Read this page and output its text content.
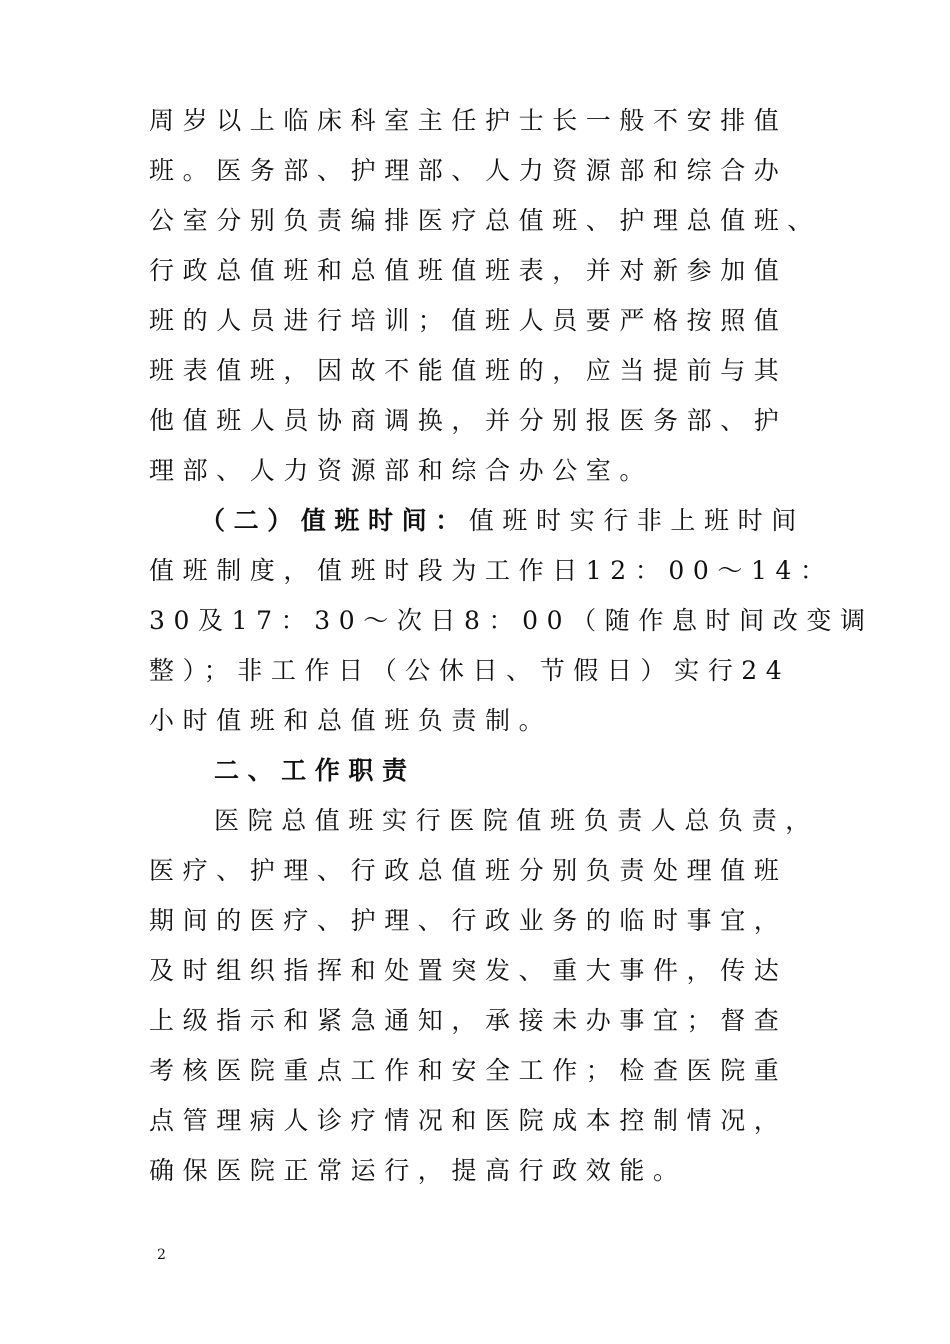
周岁以上临床科室主任护士长一般不安排值
班。医务部、护理部、人力资源部和综合办
公室分别负责编排医疗总值班、护理总值班、
行政总值班和总值班值班表，并对新参加值
班的人员进行培训；值班人员要严格按照值
班表值班，因故不能值班的，应当提前与其
他值班人员协商调换，并分别报医务部、护
理部、人力资源部和综合办公室。
（二）值班时间：值班时实行非上班时间
值班制度，值班时段为工作日12：00～14：
30及17：30～次日8：00（随作息时间改变调
整）；非工作日（公休日、节假日）实行24
小时值班和总值班负责制。
二、工作职责
医院总值班实行医院值班负责人总负责，
医疗、护理、行政总值班分别负责处理值班
期间的医疗、护理、行政业务的临时事宜，
及时组织指挥和处置突发、重大事件，传达
上级指示和紧急通知，承接未办事宜；督查
考核医院重点工作和安全工作；检查医院重
点管理病人诊疗情况和医院成本控制情况，
确保医院正常运行，提高行政效能。
2
